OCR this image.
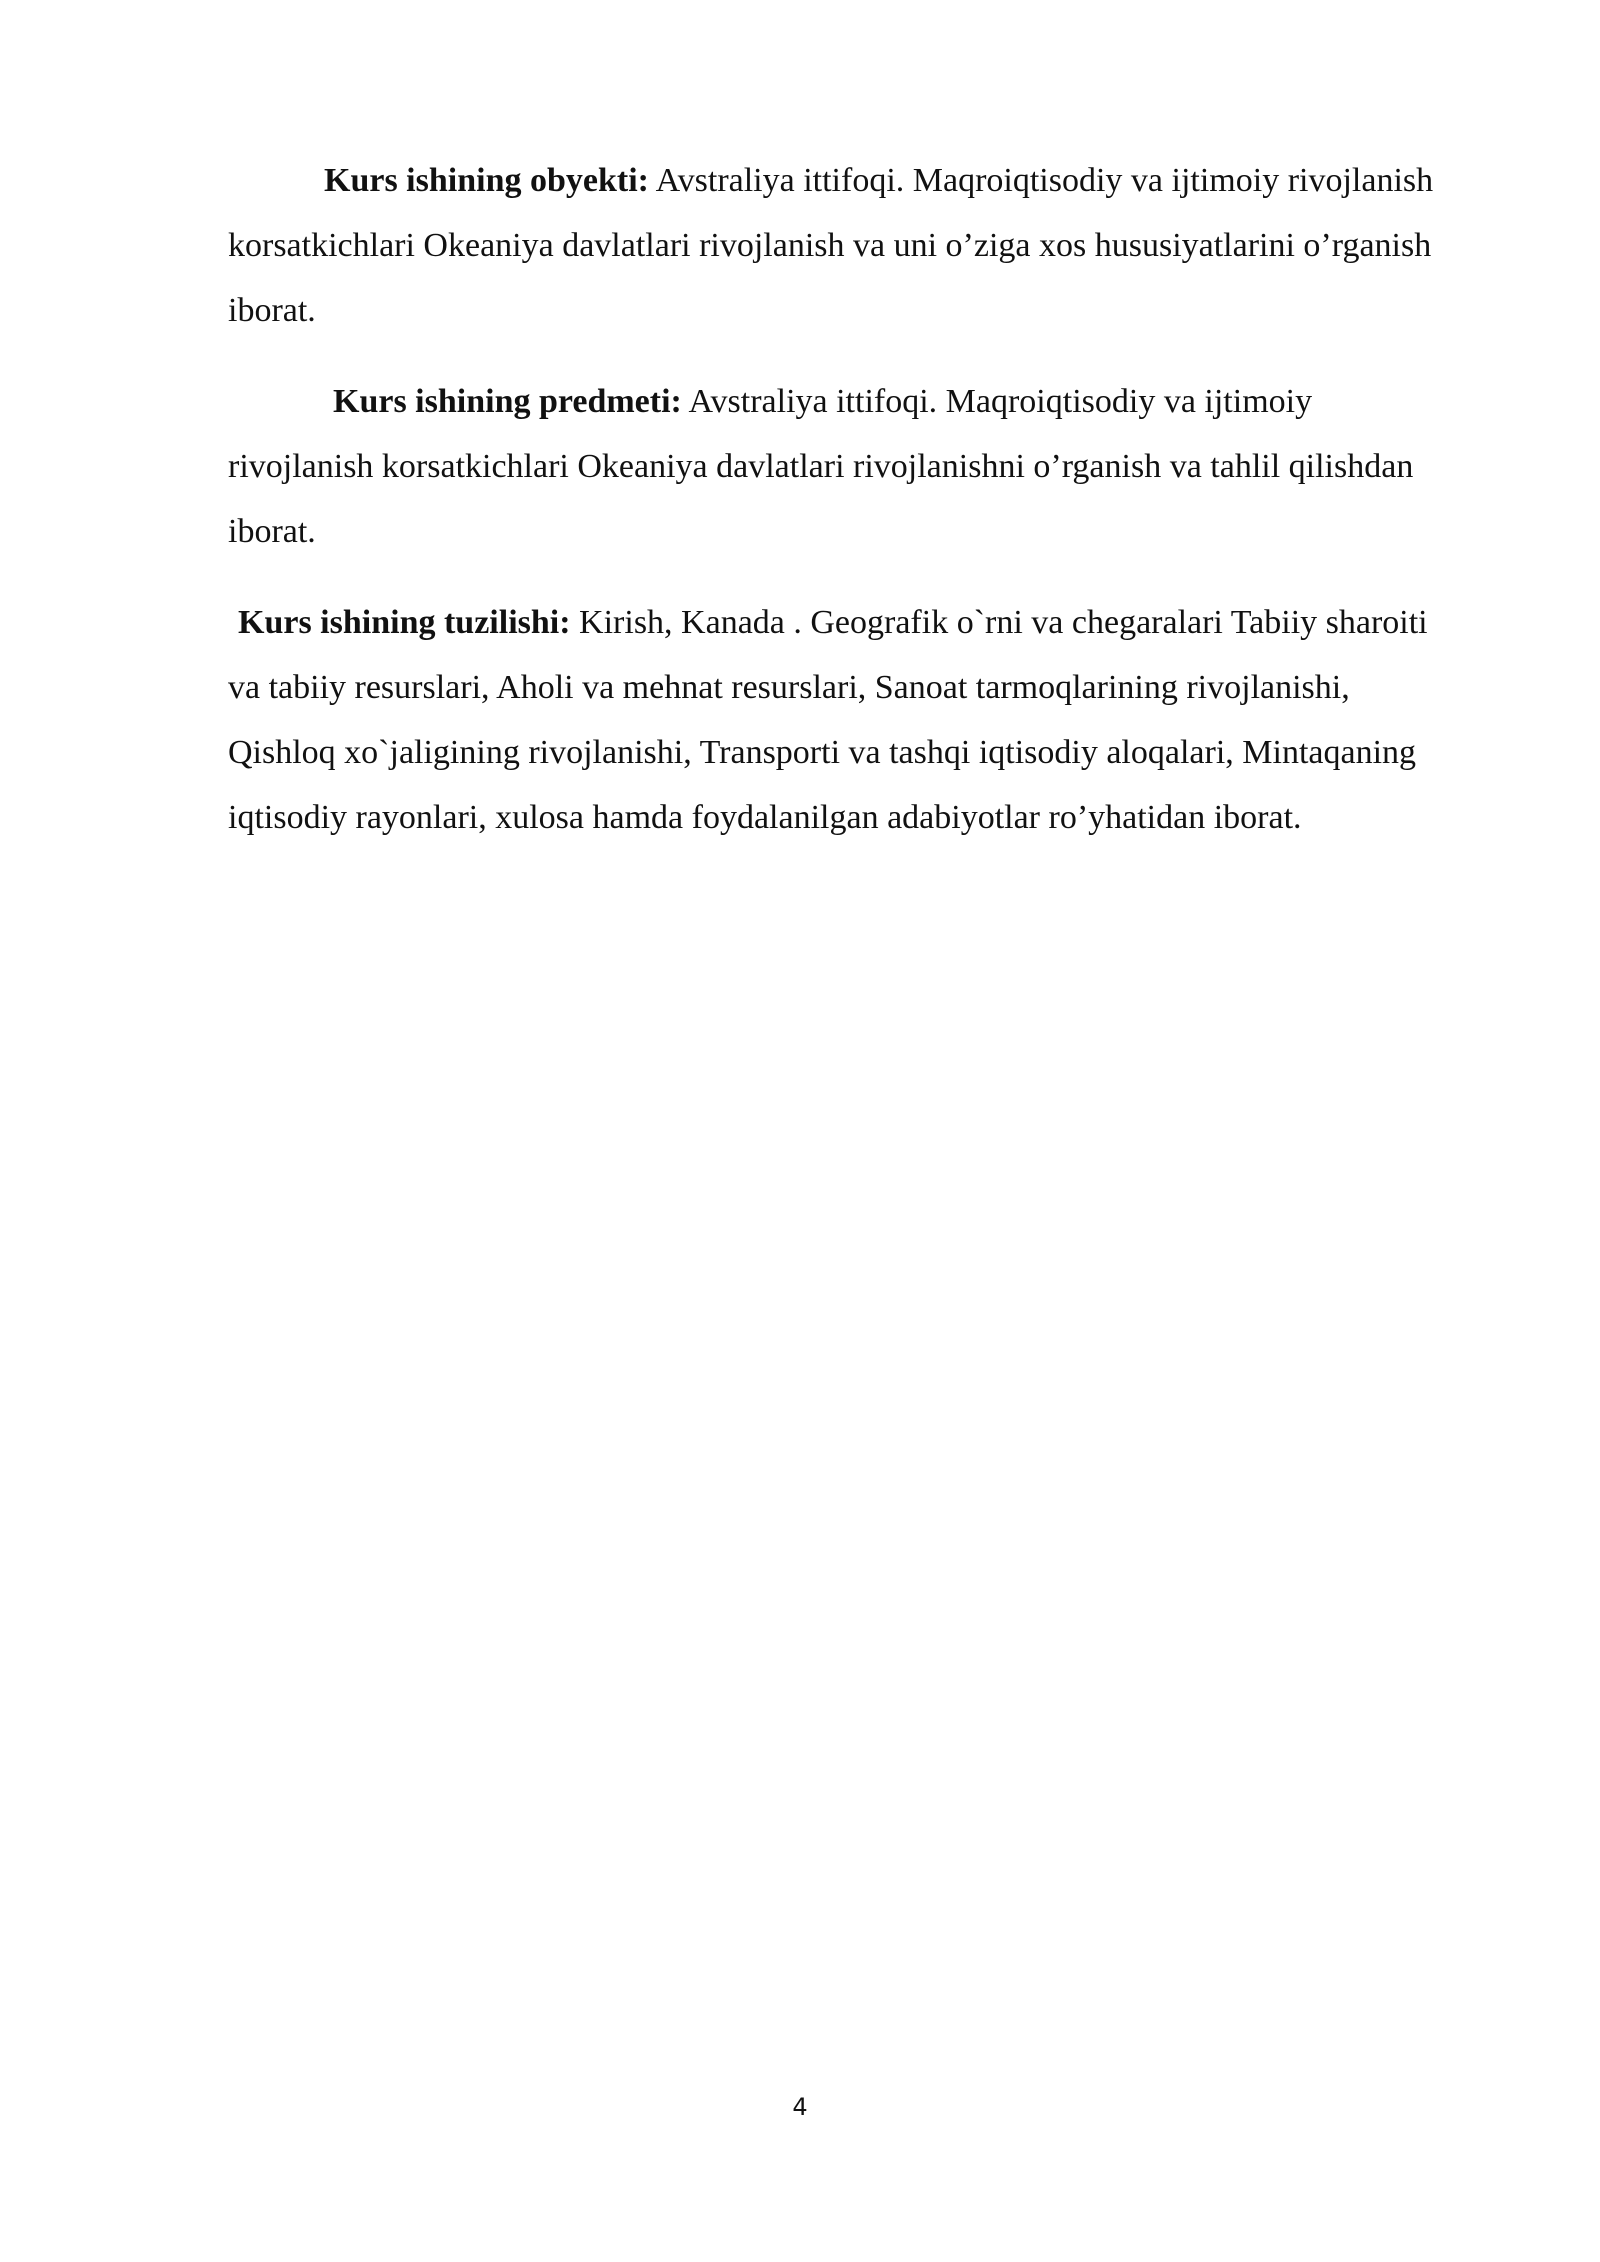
Kurs ishining obyekti: Avstraliya ittifoqi. Maqroiqtisodiy va ijtimoiy rivojlanish korsatkichlari Okeaniya davlatlari rivojlanish va uni o’ziga xos hususiyatlarini o’rganish iborat.

Kurs ishining predmeti: Avstraliya ittifoqi. Maqroiqtisodiy va ijtimoiy rivojlanish korsatkichlari Okeaniya davlatlari rivojlanishni o’rganish va tahlil qilishdan iborat.

Kurs ishining tuzilishi: Kirish, Kanada . Geografik o`rni va chegaralari Tabiiy sharoiti va tabiiy resurslari, Aholi va mehnat resurslari, Sanoat tarmoqlarining rivojlanishi, Qishloq xo`jaligining rivojlanishi, Transporti va tashqi iqtisodiy aloqalari, Mintaqaning iqtisodiy rayonlari, xulosa hamda foydalanilgan adabiyotlar ro’yhatidan iborat.

4
